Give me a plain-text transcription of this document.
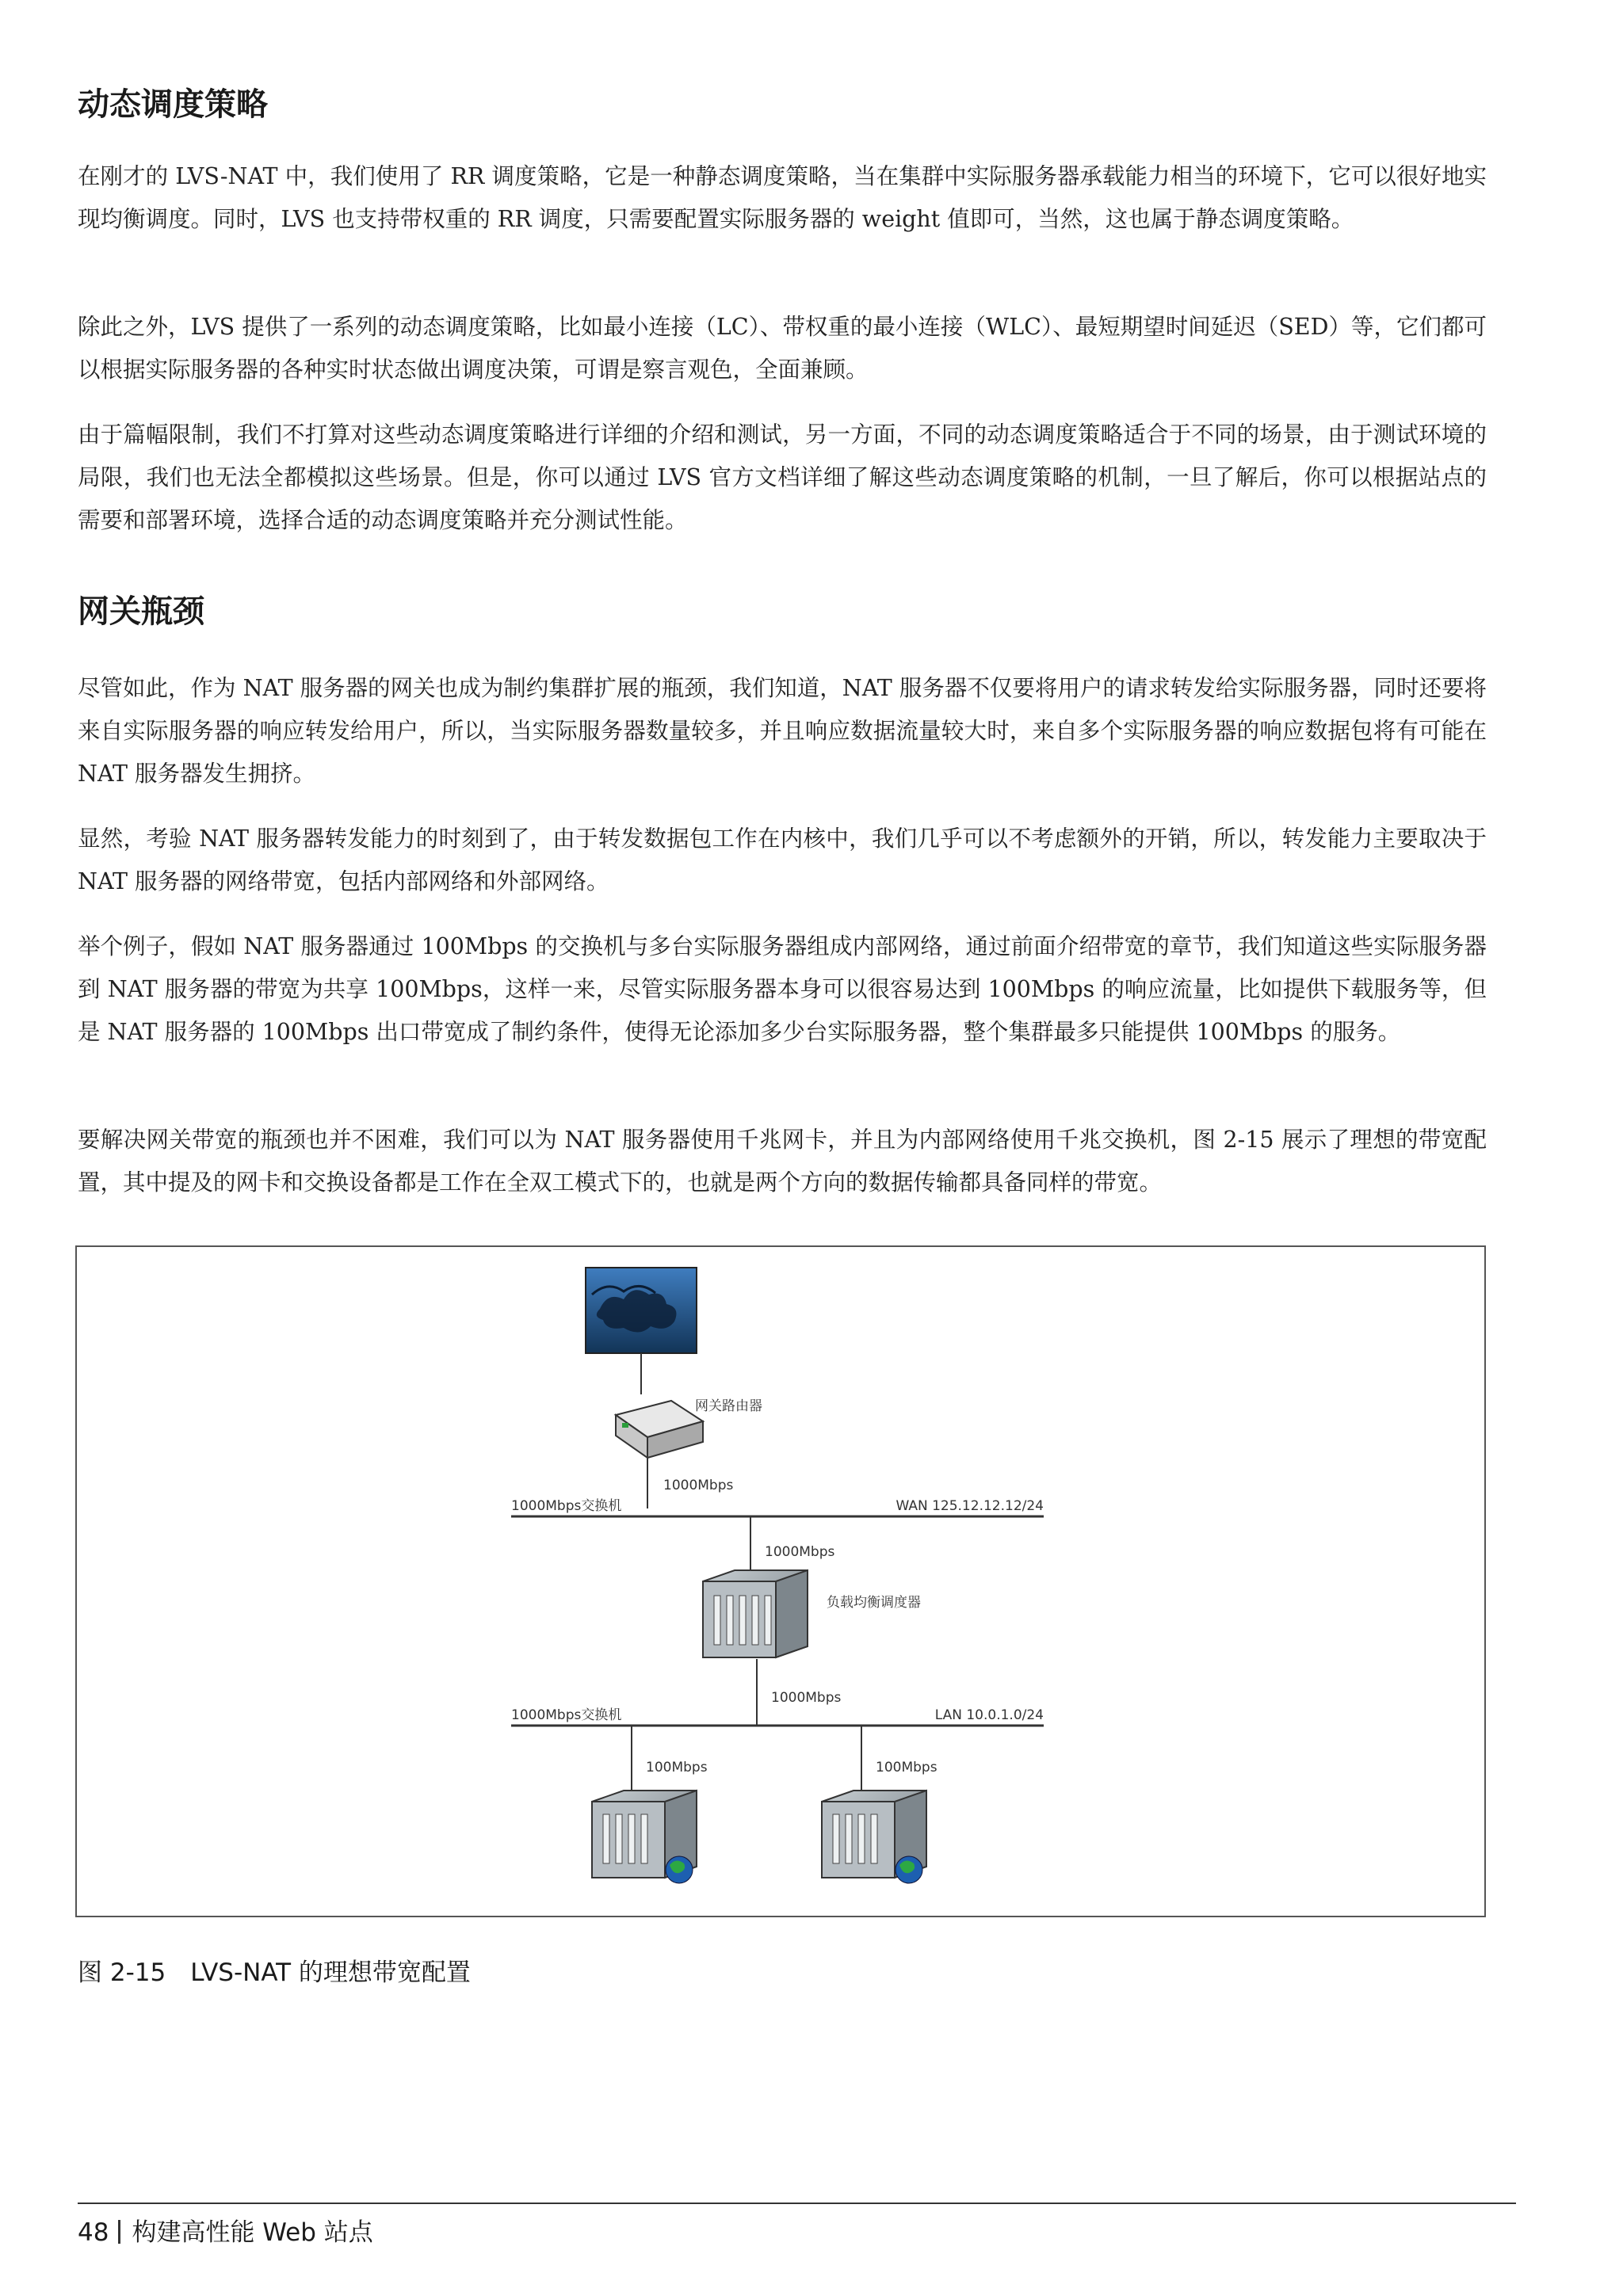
动态调度策略

在刚才的 LVS-NAT 中，我们使用了 RR 调度策略，它是一种静态调度策略，当在集群中实际服务器承载能力相当的环境下，它可以很好地实现均衡调度。同时，LVS 也支持带权重的 RR 调度，只需要配置实际服务器的 weight 值即可，当然，这也属于静态调度策略。

除此之外，LVS 提供了一系列的动态调度策略，比如最小连接（LC）、带权重的最小连接（WLC）、最短期望时间延迟（SED）等，它们都可以根据实际服务器的各种实时状态做出调度决策，可谓是察言观色，全面兼顾。

由于篇幅限制，我们不打算对这些动态调度策略进行详细的介绍和测试，另一方面，不同的动态调度策略适合于不同的场景，由于测试环境的局限，我们也无法全都模拟这些场景。但是，你可以通过 LVS 官方文档详细了解这些动态调度策略的机制，一旦了解后，你可以根据站点的需要和部署环境，选择合适的动态调度策略并充分测试性能。

网关瓶颈

尽管如此，作为 NAT 服务器的网关也成为制约集群扩展的瓶颈，我们知道，NAT 服务器不仅要将用户的请求转发给实际服务器，同时还要将来自实际服务器的响应转发给用户，所以，当实际服务器数量较多，并且响应数据流量较大时，来自多个实际服务器的响应数据包将有可能在 NAT 服务器发生拥挤。

显然，考验 NAT 服务器转发能力的时刻到了，由于转发数据包工作在内核中，我们几乎可以不考虑额外的开销，所以，转发能力主要取决于 NAT 服务器的网络带宽，包括内部网络和外部网络。

举个例子，假如 NAT 服务器通过 100Mbps 的交换机与多台实际服务器组成内部网络，通过前面介绍带宽的章节，我们知道这些实际服务器到 NAT 服务器的带宽为共享 100Mbps，这样一来，尽管实际服务器本身可以很容易达到 100Mbps 的响应流量，比如提供下载服务等，但是 NAT 服务器的 100Mbps 出口带宽成了制约条件，使得无论添加多少台实际服务器，整个集群最多只能提供 100Mbps 的服务。

要解决网关带宽的瓶颈也并不困难，我们可以为 NAT 服务器使用千兆网卡，并且为内部网络使用千兆交换机，图 2-15 展示了理想的带宽配置，其中提及的网卡和交换设备都是工作在全双工模式下的，也就是两个方向的数据传输都具备同样的带宽。

网关路由器
1000Mbps
1000Mbps交换机	WAN 125.12.12.12/24
1000Mbps
负载均衡调度器
1000Mbps
1000Mbps交换机	LAN 10.0.1.0/24
100Mbps	100Mbps
图 2-15　LVS-NAT 的理想带宽配置
48 构建高性能 Web 站点
